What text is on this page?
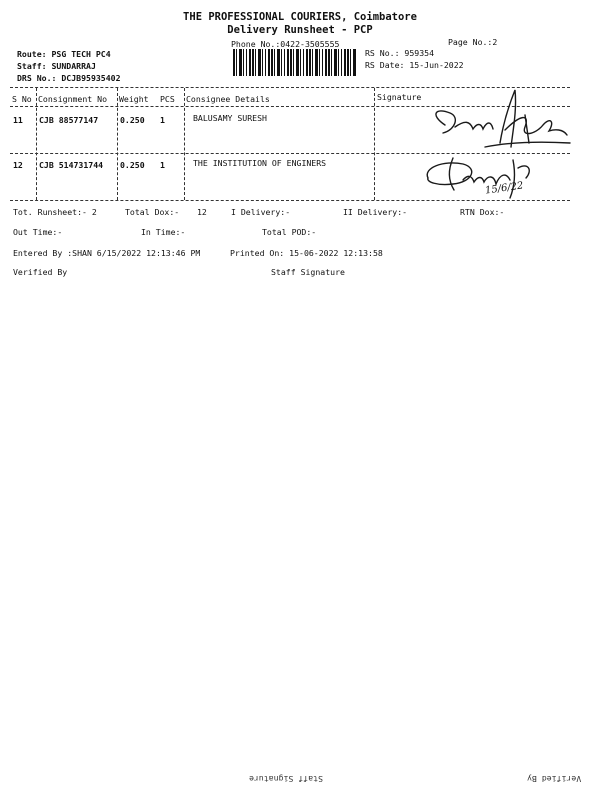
THE PROFESSIONAL COURIERS, Coimbatore
Delivery Runsheet - PCP
Phone No.:0422-3505555	Page No.:2
Route: PSG TECH PC4
Staff: SUNDARRAJ
DRS No.: DCJB95935402
RS No.: 959354
RS Date: 15-Jun-2022
S No Consignment No Weight PCS Consignee Details	Signature
11 CJB 88577147	0.250 1	BALUSAMY SURESH
12 CJB 514731744 0.250 1	THE INSTITUTION OF ENGINERS
15/6/22
Tot. Runsheet:- 2	Total Dox:- 12	I Delivery:-	II Delivery:-	RTN Dox:-
Out Time:-	In Time:-	Total POD:-
Entered By :SHAN 6/15/2022 12:13:46 PM	Printed On: 15-06-2022 12:13:58
Verified By	Staff Signature
Staff Signature	Verified By
